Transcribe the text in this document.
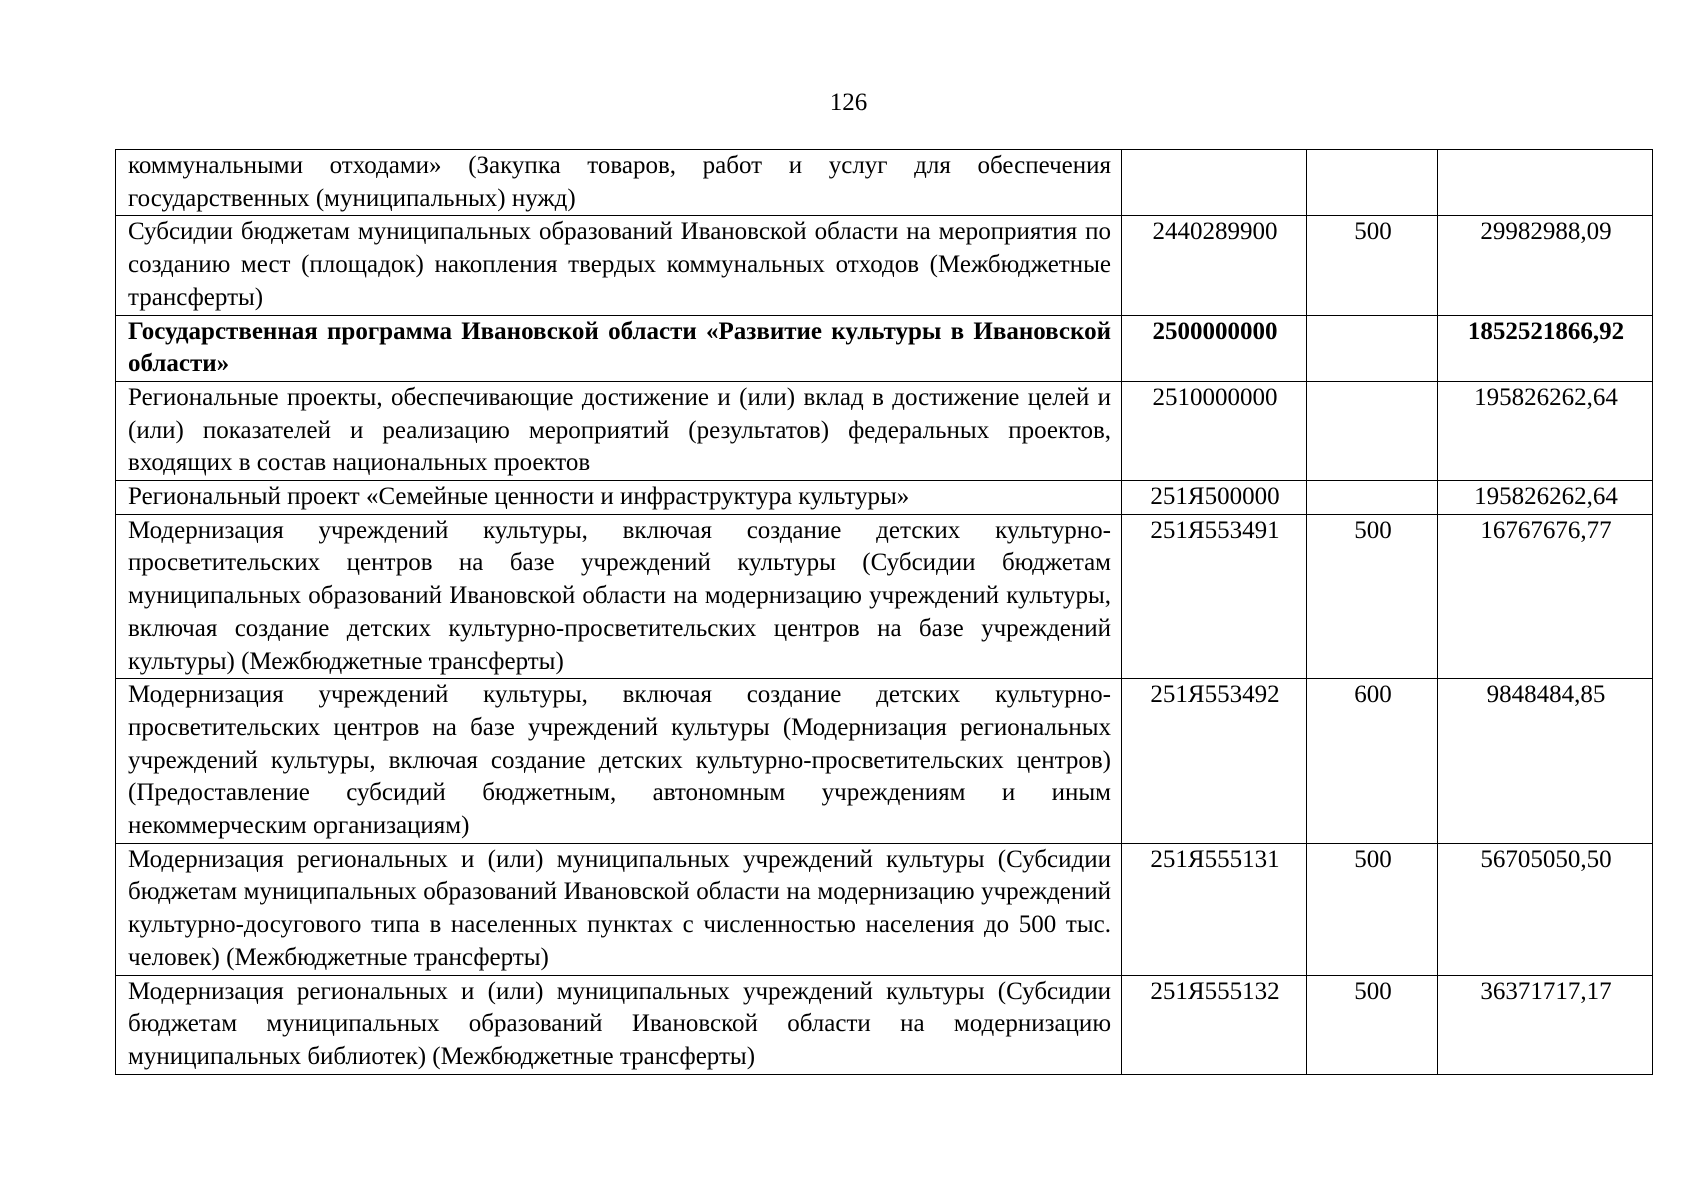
126
коммунальными отходами» (Закупка товаров, работ и услуг для обеспечения государственных (муниципальных) нужд)			
Субсидии бюджетам муниципальных образований Ивановской области на мероприятия по созданию мест (площадок) накопления твердых коммунальных отходов (Межбюджетные трансферты)	2440289900	500	29982988,09
Государственная программа Ивановской области «Развитие культуры в Ивановской области»	2500000000		1852521866,92
Региональные проекты, обеспечивающие достижение и (или) вклад в достижение целей и (или) показателей и реализацию мероприятий (результатов) федеральных проектов, входящих в состав национальных проектов	2510000000		195826262,64
Региональный проект «Семейные ценности и инфраструктура культуры»	251Я500000		195826262,64
Модернизация учреждений культуры, включая создание детских культурно-просветительских центров на базе учреждений культуры (Субсидии бюджетам муниципальных образований Ивановской области на модернизацию учреждений культуры, включая создание детских культурно-просветительских центров на базе учреждений культуры) (Межбюджетные трансферты)	251Я553491	500	16767676,77
Модернизация учреждений культуры, включая создание детских культурно-просветительских центров на базе учреждений культуры (Модернизация региональных учреждений культуры, включая создание детских культурно-просветительских центров) (Предоставление субсидий бюджетным, автономным учреждениям и иным некоммерческим организациям)	251Я553492	600	9848484,85
Модернизация региональных и (или) муниципальных учреждений культуры (Субсидии бюджетам муниципальных образований Ивановской области на модернизацию учреждений культурно-досугового типа в населенных пунктах с численностью населения до 500 тыс. человек) (Межбюджетные трансферты)	251Я555131	500	56705050,50
Модернизация региональных и (или) муниципальных учреждений культуры (Субсидии бюджетам муниципальных образований Ивановской области на модернизацию муниципальных библиотек) (Межбюджетные трансферты)	251Я555132	500	36371717,17
